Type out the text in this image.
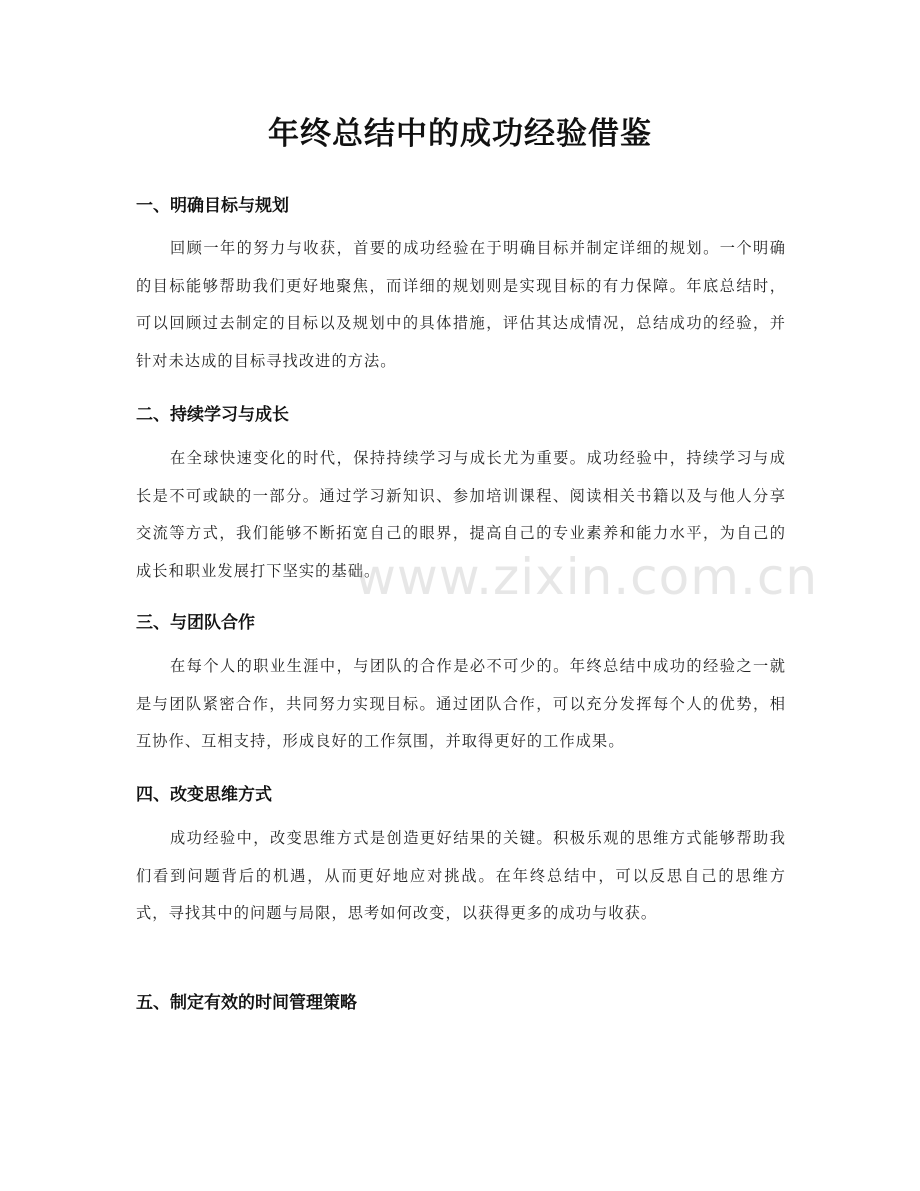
年终总结中的成功经验借鉴
一、明确目标与规划
回顾一年的努力与收获，首要的成功经验在于明确目标并制定详细的规划。一个明确的目标能够帮助我们更好地聚焦，而详细的规划则是实现目标的有力保障。年底总结时，可以回顾过去制定的目标以及规划中的具体措施，评估其达成情况，总结成功的经验，并针对未达成的目标寻找改进的方法。
二、持续学习与成长
在全球快速变化的时代，保持持续学习与成长尤为重要。成功经验中，持续学习与成长是不可或缺的一部分。通过学习新知识、参加培训课程、阅读相关书籍以及与他人分享交流等方式，我们能够不断拓宽自己的眼界，提高自己的专业素养和能力水平，为自己的成长和职业发展打下坚实的基础。
三、与团队合作
在每个人的职业生涯中，与团队的合作是必不可少的。年终总结中成功的经验之一就是与团队紧密合作，共同努力实现目标。通过团队合作，可以充分发挥每个人的优势，相互协作、互相支持，形成良好的工作氛围，并取得更好的工作成果。
四、改变思维方式
成功经验中，改变思维方式是创造更好结果的关键。积极乐观的思维方式能够帮助我们看到问题背后的机遇，从而更好地应对挑战。在年终总结中，可以反思自己的思维方式，寻找其中的问题与局限，思考如何改变，以获得更多的成功与收获。
五、制定有效的时间管理策略
www.zixin.com.cn
